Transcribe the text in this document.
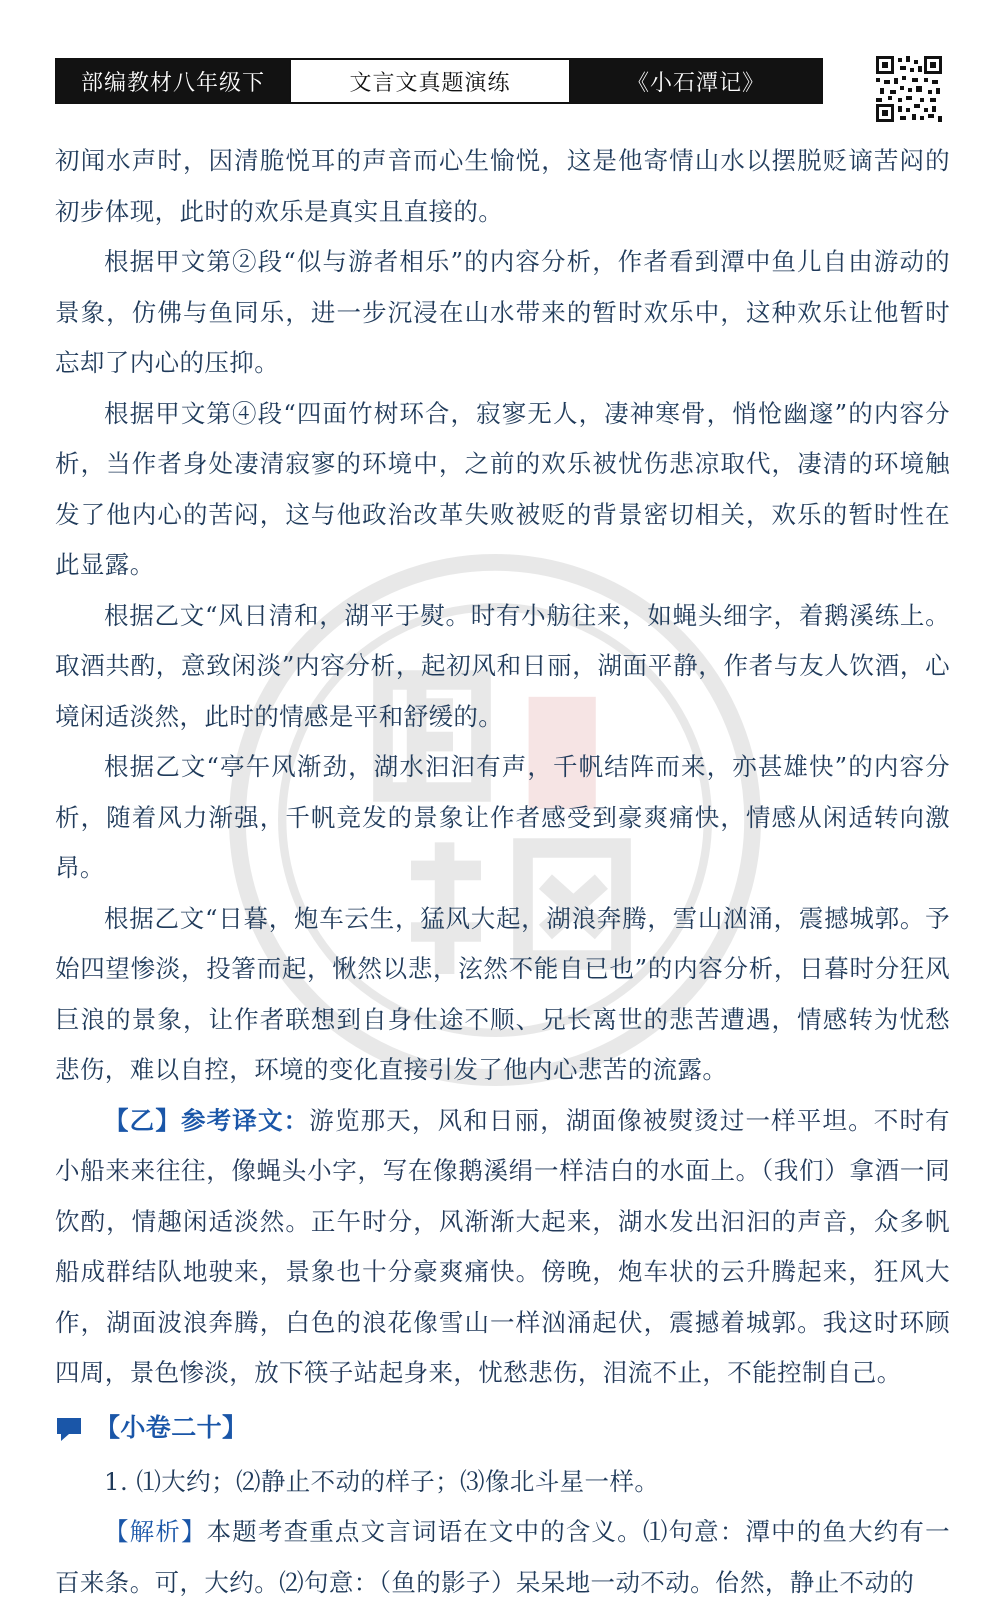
部编教材八年级下	文言文真题演练	《小石潭记》

初闻水声时，因清脆悦耳的声音而心生愉悦，这是他寄情山水以摆脱贬谪苦闷的初步体现，此时的欢乐是真实且直接的。

根据甲文第②段“似与游者相乐”的内容分析，作者看到潭中鱼儿自由游动的景象，仿佛与鱼同乐，进一步沉浸在山水带来的暂时欢乐中，这种欢乐让他暂时忘却了内心的压抑。

根据甲文第④段“四面竹树环合，寂寥无人，凄神寒骨，悄怆幽邃”的内容分析，当作者身处凄清寂寥的环境中，之前的欢乐被忧伤悲凉取代，凄清的环境触发了他内心的苦闷，这与他政治改革失败被贬的背景密切相关，欢乐的暂时性在此显露。

根据乙文“风日清和，湖平于熨。时有小舫往来，如蝇头细字，着鹅溪练上。取酒共酌，意致闲淡”内容分析，起初风和日丽，湖面平静，作者与友人饮酒，心境闲适淡然，此时的情感是平和舒缓的。

根据乙文“亭午风渐劲，湖水汩汩有声，千帆结阵而来，亦甚雄快”的内容分析，随着风力渐强，千帆竞发的景象让作者感受到豪爽痛快，情感从闲适转向激昂。

根据乙文“日暮，炮车云生，猛风大起，湖浪奔腾，雪山汹涌，震撼城郭。予始四望惨淡，投箸而起，愀然以悲，泫然不能自已也”的内容分析，日暮时分狂风巨浪的景象，让作者联想到自身仕途不顺、兄长离世的悲苦遭遇，情感转为忧愁悲伤，难以自控，环境的变化直接引发了他内心悲苦的流露。

【乙】参考译文：游览那天，风和日丽，湖面像被熨烫过一样平坦。不时有小船来来往往，像蝇头小字，写在像鹅溪绢一样洁白的水面上。（我们）拿酒一同饮酌，情趣闲适淡然。正午时分，风渐渐大起来，湖水发出汩汩的声音，众多帆船成群结队地驶来，景象也十分豪爽痛快。傍晚，炮车状的云升腾起来，狂风大作，湖面波浪奔腾，白色的浪花像雪山一样汹涌起伏，震撼着城郭。我这时环顾四周，景色惨淡，放下筷子站起身来，忧愁悲伤，泪流不止，不能控制自己。

【小卷二十】

1. ⑴大约；⑵静止不动的样子；⑶像北斗星一样。

【解析】本题考查重点文言词语在文中的含义。⑴句意：潭中的鱼大约有一百来条。可，大约。⑵句意：（鱼的影子）呆呆地一动不动。佁然，静止不动的
